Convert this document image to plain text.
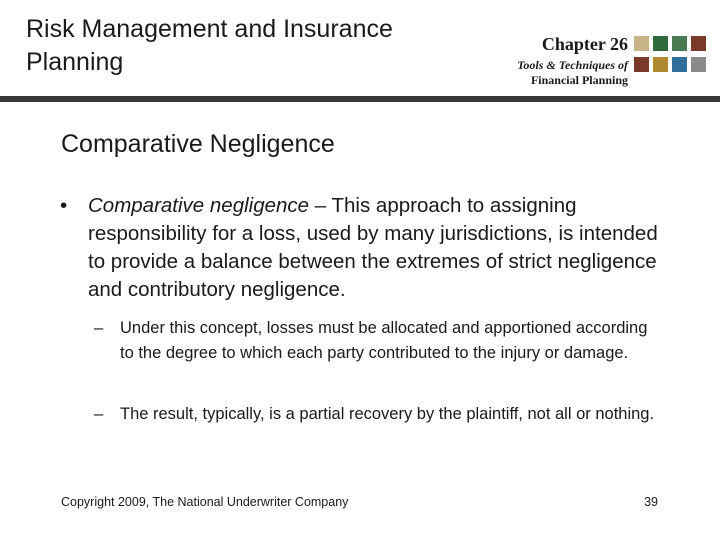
Risk Management and Insurance
Planning
Chapter 26
Tools & Techniques of
Financial Planning
Comparative Negligence
•	Comparative negligence – This approach to assigning responsibility for a loss, used by many jurisdictions, is intended to provide a balance between the extremes of strict negligence and contributory negligence.
–	Under this concept, losses must be allocated and apportioned according to the degree to which each party contributed to the injury or damage.
–	The result, typically, is a partial recovery by the plaintiff, not all or nothing.
Copyright 2009, The National Underwriter Company	39
